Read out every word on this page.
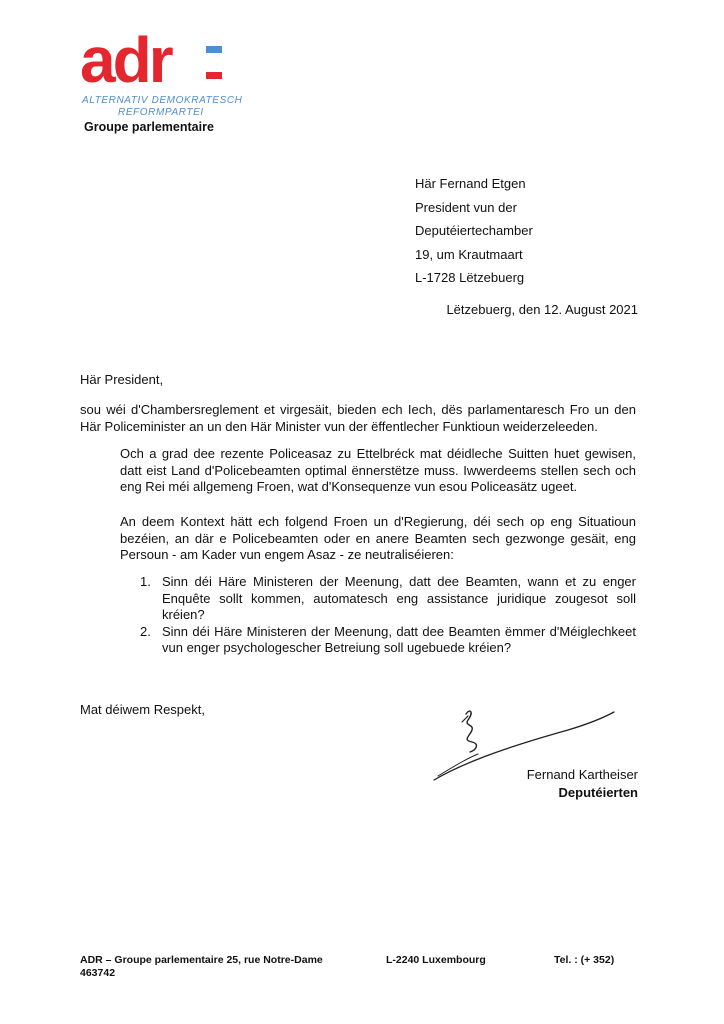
adr
ALTERNATIV DEMOKRATESCH
REFORMPARTEI
Groupe parlementaire
Här Fernand Etgen
President vun der
Deputéiertechamber
19, um Krautmaart
L-1728 Lëtzebuerg
Lëtzebuerg, den 12. August 2021
Här President,

sou wéi d'Chambersreglement et virgesäit, bieden ech Iech, dës parlamentaresch Fro un den Här Policeminister an un den Här Minister vun der ëffentlecher Funktioun weiderzeleeden.

Och a grad dee rezente Policeasaz zu Ettelbréck mat déidleche Suitten huet gewisen, datt eist Land d'Policebeamten optimal ënnerstëtze muss. Iwwerdeems stellen sech och eng Rei méi allgemeng Froen, wat d'Konsequenze vun esou Policeasätz ugeet.

An deem Kontext hätt ech folgend Froen un d'Regierung, déi sech op eng Situatioun bezéien, an där e Policebeamten oder en anere Beamten sech gezwonge gesäit, eng Persoun - am Kader vun engem Asaz - ze neutraliséieren:

1. Sinn déi Häre Ministeren der Meenung, datt dee Beamten, wann et zu enger Enquête sollt kommen, automatesch eng assistance juridique zougesot soll kréien?
2. Sinn déi Häre Ministeren der Meenung, datt dee Beamten ëmmer d'Méiglechkeet vun enger psychologescher Betreiung soll ugebuede kréien?
Mat déiwem Respekt,
Fernand Kartheiser
Deputéierten
ADR – Groupe parlementaire 25, rue Notre-Dame	L-2240 Luxembourg	Tel. : (+ 352)
463742
